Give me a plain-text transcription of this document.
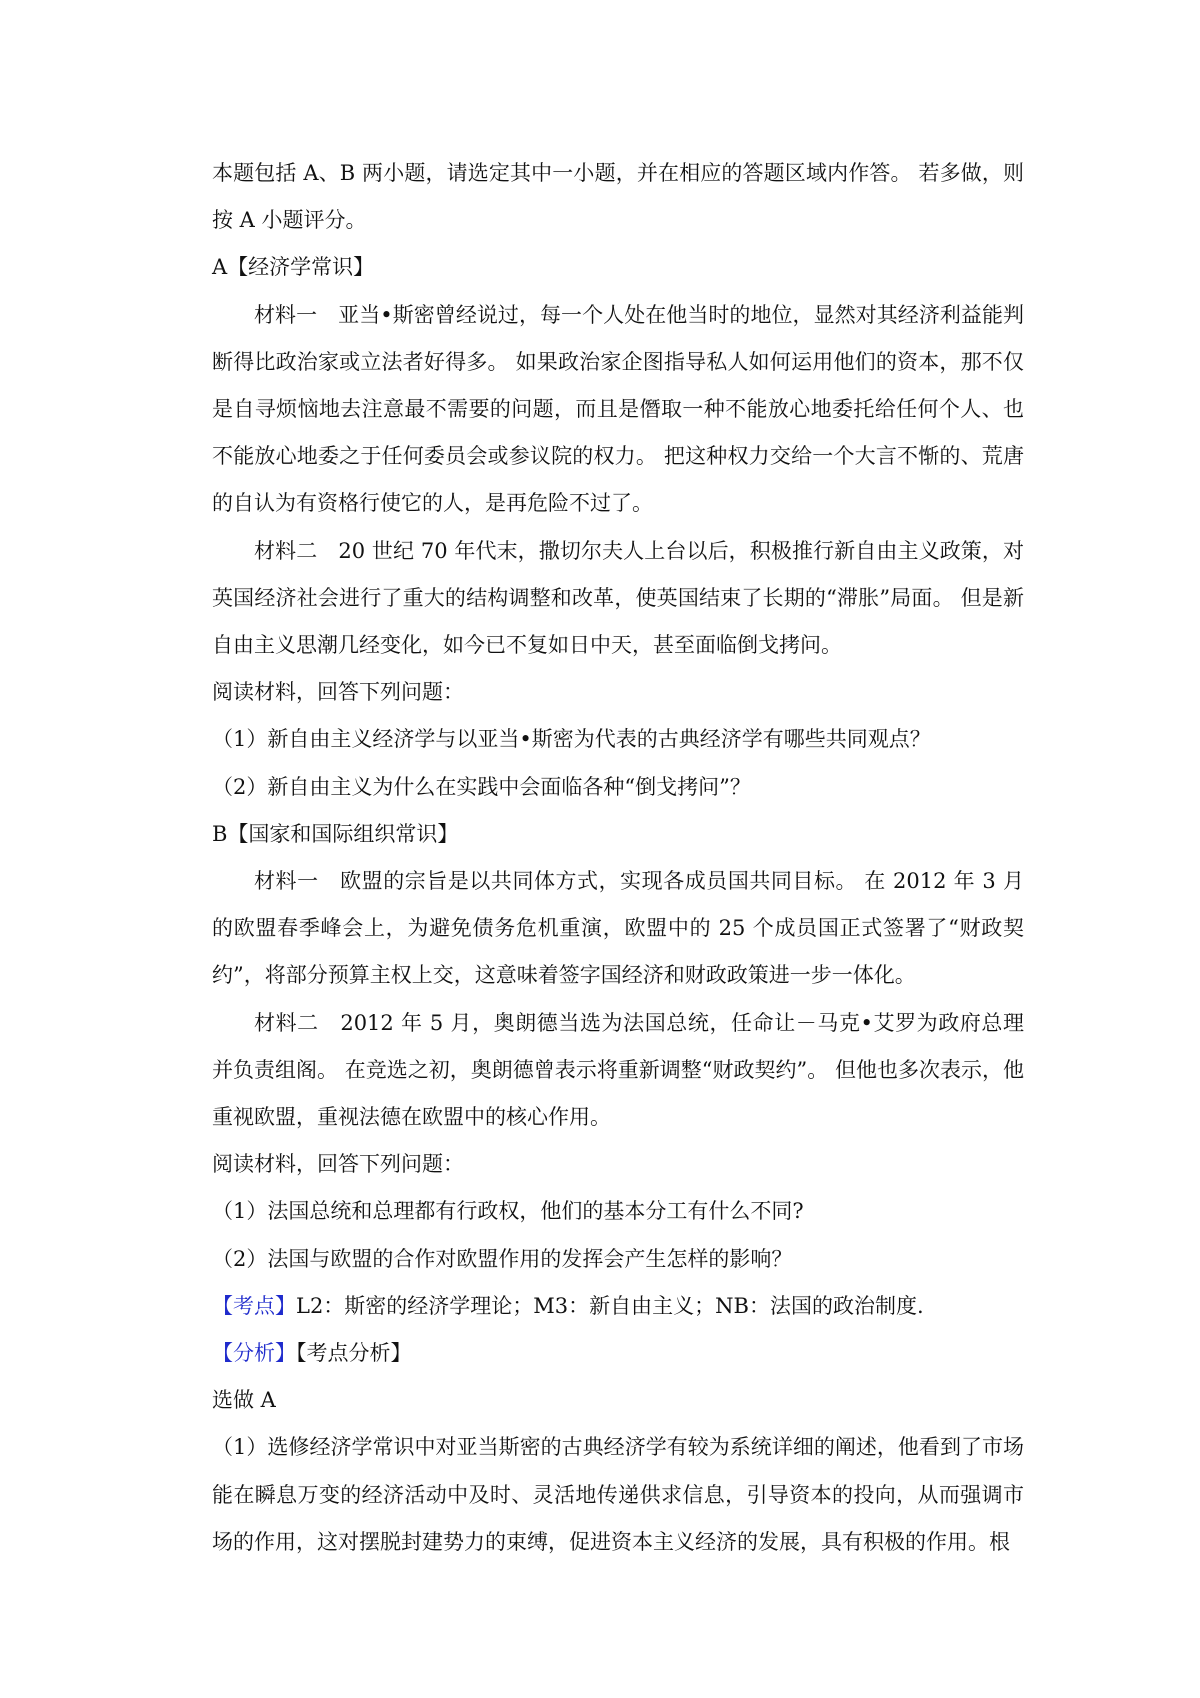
本题包括 A、B 两小题，请选定其中一小题，并在相应的答题区域内作答。 若多做，则按 A 小题评分。

A【经济学常识】

材料一　亚当•斯密曾经说过，每一个人处在他当时的地位，显然对其经济利益能判断得比政治家或立法者好得多。 如果政治家企图指导私人如何运用他们的资本，那不仅是自寻烦恼地去注意最不需要的问题，而且是僭取一种不能放心地委托给任何个人、也不能放心地委之于任何委员会或参议院的权力。 把这种权力交给一个大言不惭的、荒唐的自认为有资格行使它的人，是再危险不过了。

材料二　20 世纪 70 年代末，撒切尔夫人上台以后，积极推行新自由主义政策，对英国经济社会进行了重大的结构调整和改革，使英国结束了长期的“滞胀”局面。 但是新自由主义思潮几经变化，如今已不复如日中天，甚至面临倒戈拷问。

阅读材料，回答下列问题：

（1）新自由主义经济学与以亚当•斯密为代表的古典经济学有哪些共同观点？

（2）新自由主义为什么在实践中会面临各种“倒戈拷问”？

B【国家和国际组织常识】

材料一　欧盟的宗旨是以共同体方式，实现各成员国共同目标。 在 2012 年 3 月的欧盟春季峰会上，为避免债务危机重演，欧盟中的 25 个成员国正式签署了“财政契约”，将部分预算主权上交，这意味着签字国经济和财政政策进一步一体化。

材料二　2012 年 5 月，奥朗德当选为法国总统，任命让－马克•艾罗为政府总理并负责组阁。 在竞选之初，奥朗德曾表示将重新调整“财政契约”。 但他也多次表示，他重视欧盟，重视法德在欧盟中的核心作用。

阅读材料，回答下列问题：

（1）法国总统和总理都有行政权，他们的基本分工有什么不同?

（2）法国与欧盟的合作对欧盟作用的发挥会产生怎样的影响？

【考点】L2：斯密的经济学理论；M3：新自由主义；NB：法国的政治制度.

【分析】【考点分析】

选做 A

（1）选修经济学常识中对亚当斯密的古典经济学有较为系统详细的阐述，他看到了市场能在瞬息万变的经济活动中及时、灵活地传递供求信息，引导资本的投向，从而强调市场的作用，这对摆脱封建势力的束缚，促进资本主义经济的发展，具有积极的作用。根
